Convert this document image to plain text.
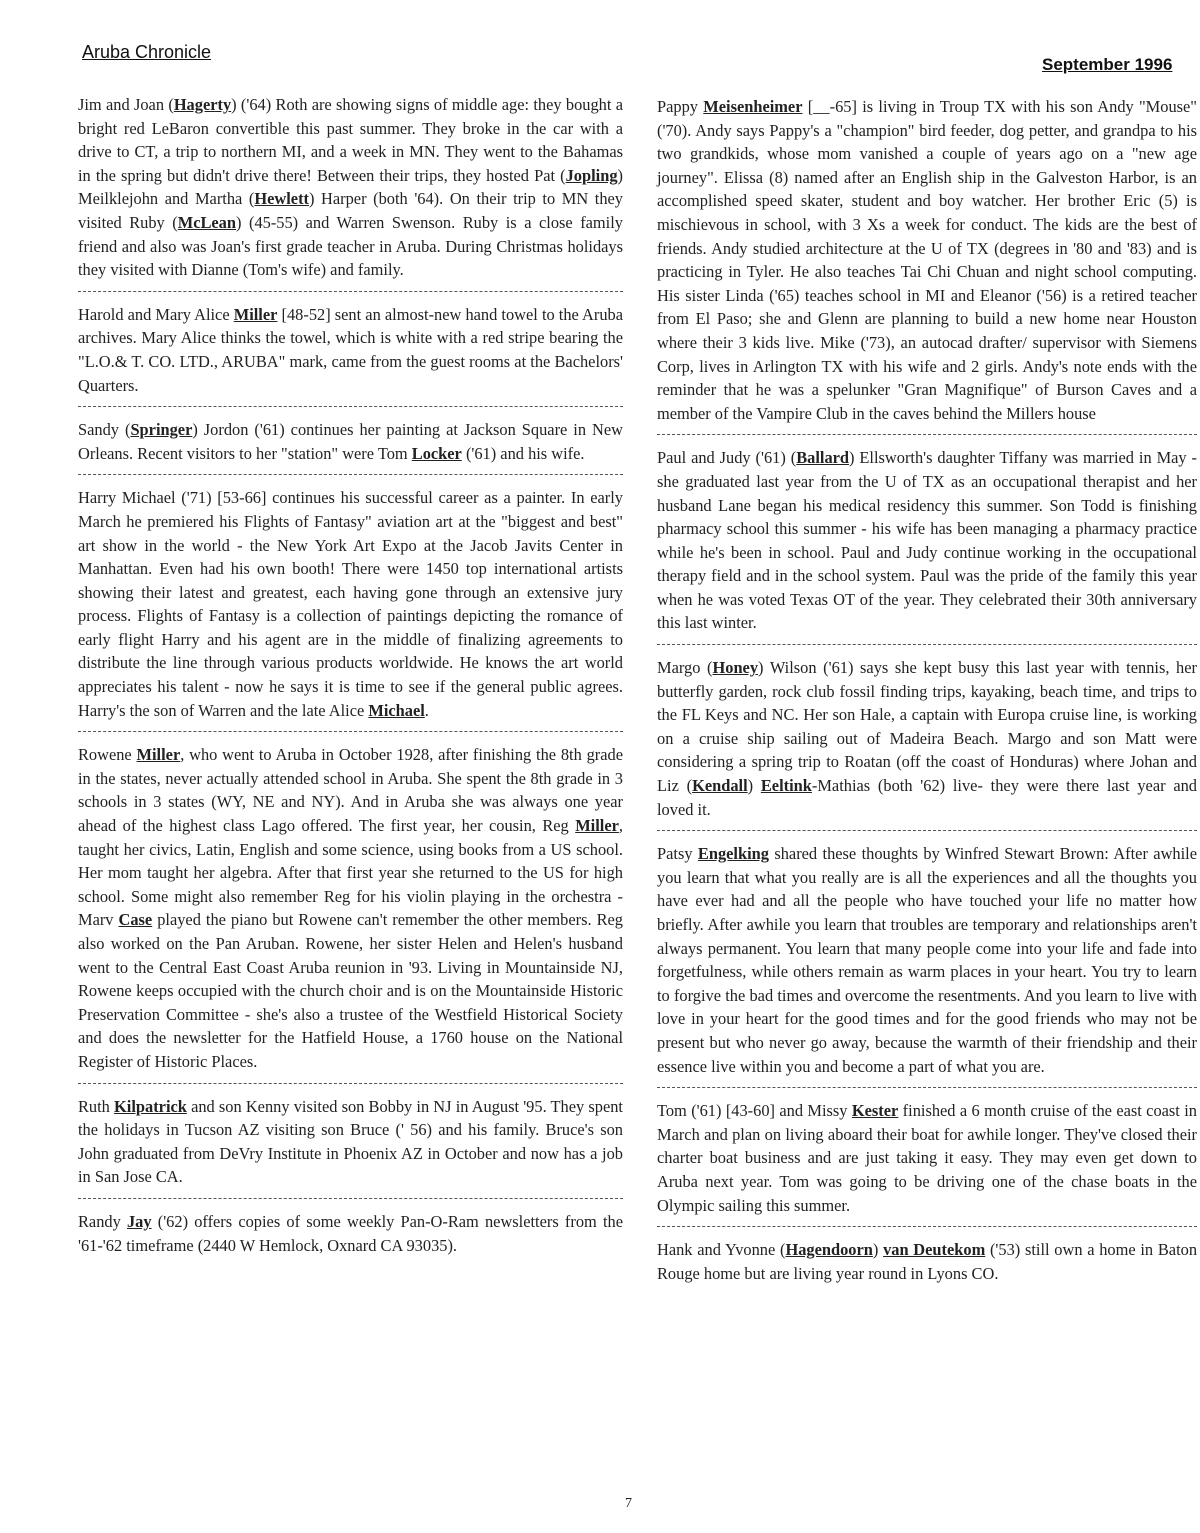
Aruba Chronicle
September 1996

Jim and Joan (Hagerty) ('64) Roth are showing signs of middle age: they bought a bright red LeBaron convertible this past summer. They broke in the car with a drive to CT, a trip to northern MI, and a week in MN. They went to the Bahamas in the spring but didn't drive there! Between their trips, they hosted Pat (Jopling) Meilklejohn and Martha (Hewlett) Harper (both '64). On their trip to MN they visited Ruby (McLean) (45-55) and Warren Swenson. Ruby is a close family friend and also was Joan's first grade teacher in Aruba. During Christmas holidays they visited with Dianne (Tom's wife) and family.

Harold and Mary Alice Miller [48-52] sent an almost-new hand towel to the Aruba archives. Mary Alice thinks the towel, which is white with a red stripe bearing the "L.O.& T. CO. LTD., ARUBA" mark, came from the guest rooms at the Bachelors' Quarters.

Sandy (Springer) Jordon ('61) continues her painting at Jackson Square in New Orleans. Recent visitors to her "station" were Tom Locker ('61) and his wife.

Harry Michael ('71) [53-66] continues his successful career as a painter. In early March he premiered his Flights of Fantasy" aviation art at the "biggest and best" art show in the world - the New York Art Expo at the Jacob Javits Center in Manhattan. Even had his own booth! There were 1450 top international artists showing their latest and greatest, each having gone through an extensive jury process. Flights of Fantasy is a collection of paintings depicting the romance of early flight Harry and his agent are in the middle of finalizing agreements to distribute the line through various products worldwide. He knows the art world appreciates his talent - now he says it is time to see if the general public agrees. Harry's the son of Warren and the late Alice Michael.

Rowene Miller, who went to Aruba in October 1928, after finishing the 8th grade in the states, never actually attended school in Aruba. She spent the 8th grade in 3 schools in 3 states (WY, NE and NY). And in Aruba she was always one year ahead of the highest class Lago offered. The first year, her cousin, Reg Miller, taught her civics, Latin, English and some science, using books from a US school. Her mom taught her algebra. After that first year she returned to the US for high school. Some might also remember Reg for his violin playing in the orchestra - Marv Case played the piano but Rowene can't remember the other members. Reg also worked on the Pan Aruban. Rowene, her sister Helen and Helen's husband went to the Central East Coast Aruba reunion in '93. Living in Mountainside NJ, Rowene keeps occupied with the church choir and is on the Mountainside Historic Preservation Committee - she's also a trustee of the Westfield Historical Society and does the newsletter for the Hatfield House, a 1760 house on the National Register of Historic Places.

Ruth Kilpatrick and son Kenny visited son Bobby in NJ in August '95. They spent the holidays in Tucson AZ visiting son Bruce (' 56) and his family. Bruce's son John graduated from DeVry Institute in Phoenix AZ in October and now has a job in San Jose CA.

Randy Jay ('62) offers copies of some weekly Pan-O-Ram newsletters from the '61-'62 timeframe (2440 W Hemlock, Oxnard CA 93035).

Pappy Meisenheimer [__-65] is living in Troup TX with his son Andy "Mouse" ('70). Andy says Pappy's a "champion" bird feeder, dog petter, and grandpa to his two grandkids, whose mom vanished a couple of years ago on a "new age journey". Elissa (8) named after an English ship in the Galveston Harbor, is an accomplished speed skater, student and boy watcher. Her brother Eric (5) is mischievous in school, with 3 Xs a week for conduct. The kids are the best of friends. Andy studied architecture at the U of TX (degrees in '80 and '83) and is practicing in Tyler. He also teaches Tai Chi Chuan and night school computing. His sister Linda ('65) teaches school in MI and Eleanor ('56) is a retired teacher from El Paso; she and Glenn are planning to build a new home near Houston where their 3 kids live. Mike ('73), an autocad drafter/ supervisor with Siemens Corp, lives in Arlington TX with his wife and 2 girls. Andy's note ends with the reminder that he was a spelunker "Gran Magnifique" of Burson Caves and a member of the Vampire Club in the caves behind the Millers house

Paul and Judy ('61) (Ballard) Ellsworth's daughter Tiffany was married in May - she graduated last year from the U of TX as an occupational therapist and her husband Lane began his medical residency this summer. Son Todd is finishing pharmacy school this summer - his wife has been managing a pharmacy practice while he's been in school. Paul and Judy continue working in the occupational therapy field and in the school system. Paul was the pride of the family this year when he was voted Texas OT of the year. They celebrated their 30th anniversary this last winter.

Margo (Honey) Wilson ('61) says she kept busy this last year with tennis, her butterfly garden, rock club fossil finding trips, kayaking, beach time, and trips to the FL Keys and NC. Her son Hale, a captain with Europa cruise line, is working on a cruise ship sailing out of Madeira Beach. Margo and son Matt were considering a spring trip to Roatan (off the coast of Honduras) where Johan and Liz (Kendall) Eeltink-Mathias (both '62) live- they were there last year and loved it.

Patsy Engelking shared these thoughts by Winfred Stewart Brown: After awhile you learn that what you really are is all the experiences and all the thoughts you have ever had and all the people who have touched your life no matter how briefly. After awhile you learn that troubles are temporary and relationships aren't always permanent. You learn that many people come into your life and fade into forgetfulness, while others remain as warm places in your heart. You try to learn to forgive the bad times and overcome the resentments. And you learn to live with love in your heart for the good times and for the good friends who may not be present but who never go away, because the warmth of their friendship and their essence live within you and become a part of what you are.

Tom ('61) [43-60] and Missy Kester finished a 6 month cruise of the east coast in March and plan on living aboard their boat for awhile longer. They've closed their charter boat business and are just taking it easy. They may even get down to Aruba next year. Tom was going to be driving one of the chase boats in the Olympic sailing this summer.

Hank and Yvonne (Hagendoorn) van Deutekom ('53) still own a home in Baton Rouge home but are living year round in Lyons CO.

7
